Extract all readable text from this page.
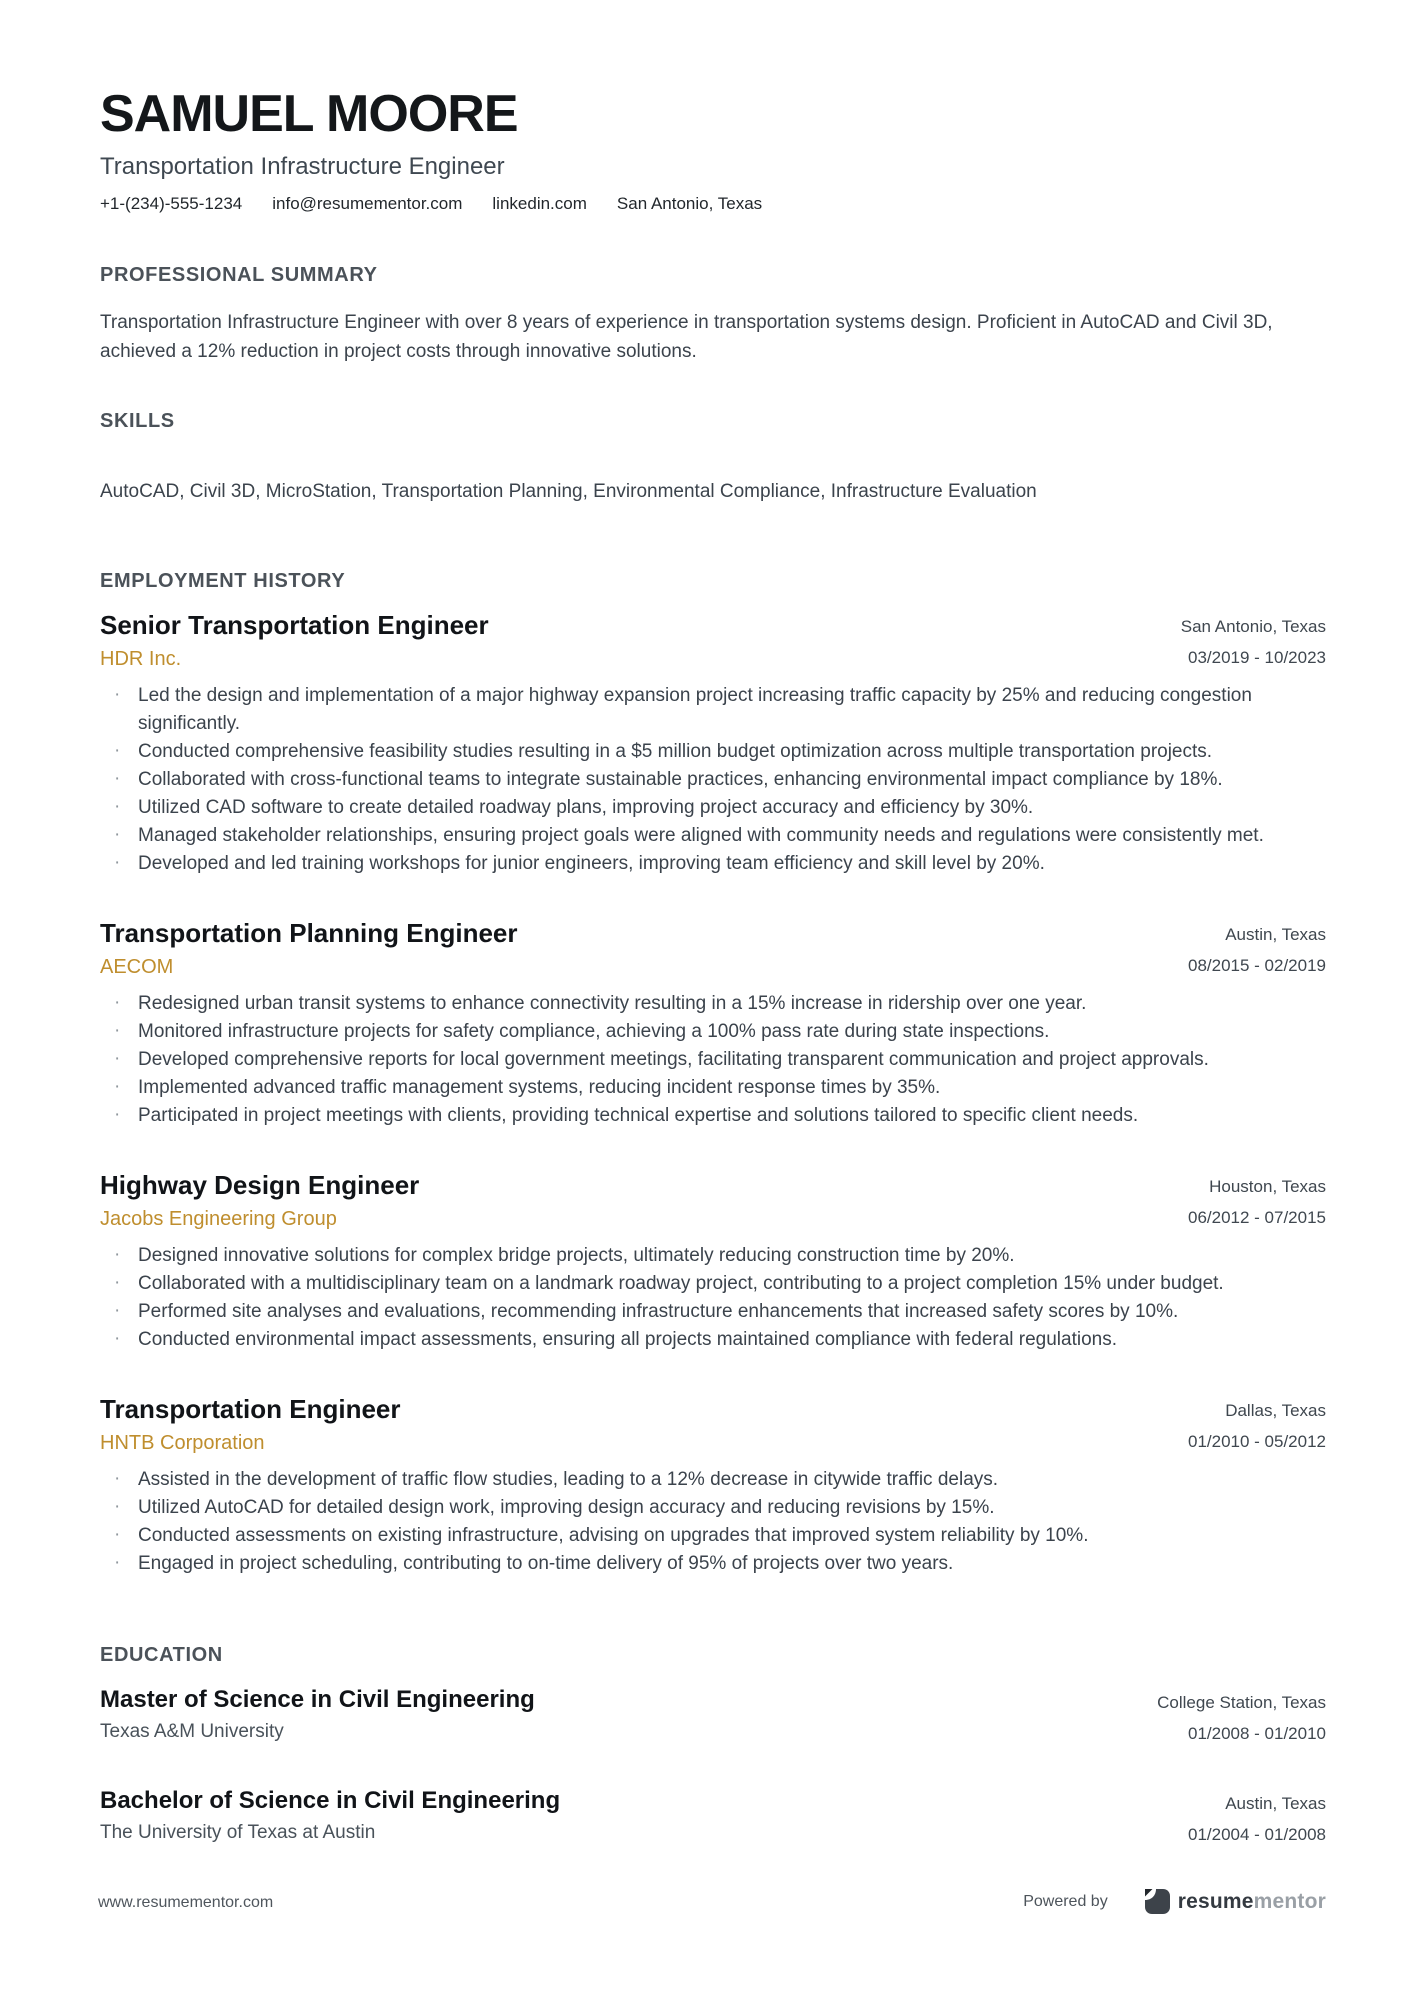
SAMUEL MOORE
Transportation Infrastructure Engineer
+1-(234)-555-1234 info@resumementor.com linkedin.com San Antonio, Texas
PROFESSIONAL SUMMARY
Transportation Infrastructure Engineer with over 8 years of experience in transportation systems design. Proficient in AutoCAD and Civil 3D, achieved a 12% reduction in project costs through innovative solutions.
SKILLS
AutoCAD, Civil 3D, MicroStation, Transportation Planning, Environmental Compliance, Infrastructure Evaluation
EMPLOYMENT HISTORY
Senior Transportation Engineer
HDR Inc.
San Antonio, Texas
03/2019 - 10/2023
· Led the design and implementation of a major highway expansion project increasing traffic capacity by 25% and reducing congestion significantly.
· Conducted comprehensive feasibility studies resulting in a $5 million budget optimization across multiple transportation projects.
· Collaborated with cross-functional teams to integrate sustainable practices, enhancing environmental impact compliance by 18%.
· Utilized CAD software to create detailed roadway plans, improving project accuracy and efficiency by 30%.
· Managed stakeholder relationships, ensuring project goals were aligned with community needs and regulations were consistently met.
· Developed and led training workshops for junior engineers, improving team efficiency and skill level by 20%.
Transportation Planning Engineer
AECOM
Austin, Texas
08/2015 - 02/2019
· Redesigned urban transit systems to enhance connectivity resulting in a 15% increase in ridership over one year.
· Monitored infrastructure projects for safety compliance, achieving a 100% pass rate during state inspections.
· Developed comprehensive reports for local government meetings, facilitating transparent communication and project approvals.
· Implemented advanced traffic management systems, reducing incident response times by 35%.
· Participated in project meetings with clients, providing technical expertise and solutions tailored to specific client needs.
Highway Design Engineer
Jacobs Engineering Group
Houston, Texas
06/2012 - 07/2015
· Designed innovative solutions for complex bridge projects, ultimately reducing construction time by 20%.
· Collaborated with a multidisciplinary team on a landmark roadway project, contributing to a project completion 15% under budget.
· Performed site analyses and evaluations, recommending infrastructure enhancements that increased safety scores by 10%.
· Conducted environmental impact assessments, ensuring all projects maintained compliance with federal regulations.
Transportation Engineer
HNTB Corporation
Dallas, Texas
01/2010 - 05/2012
· Assisted in the development of traffic flow studies, leading to a 12% decrease in citywide traffic delays.
· Utilized AutoCAD for detailed design work, improving design accuracy and reducing revisions by 15%.
· Conducted assessments on existing infrastructure, advising on upgrades that improved system reliability by 10%.
· Engaged in project scheduling, contributing to on-time delivery of 95% of projects over two years.
EDUCATION
Master of Science in Civil Engineering
Texas A&M University
College Station, Texas
01/2008 - 01/2010
Bachelor of Science in Civil Engineering
The University of Texas at Austin
Austin, Texas
01/2004 - 01/2008
www.resumementor.com	Powered by	resumementor
